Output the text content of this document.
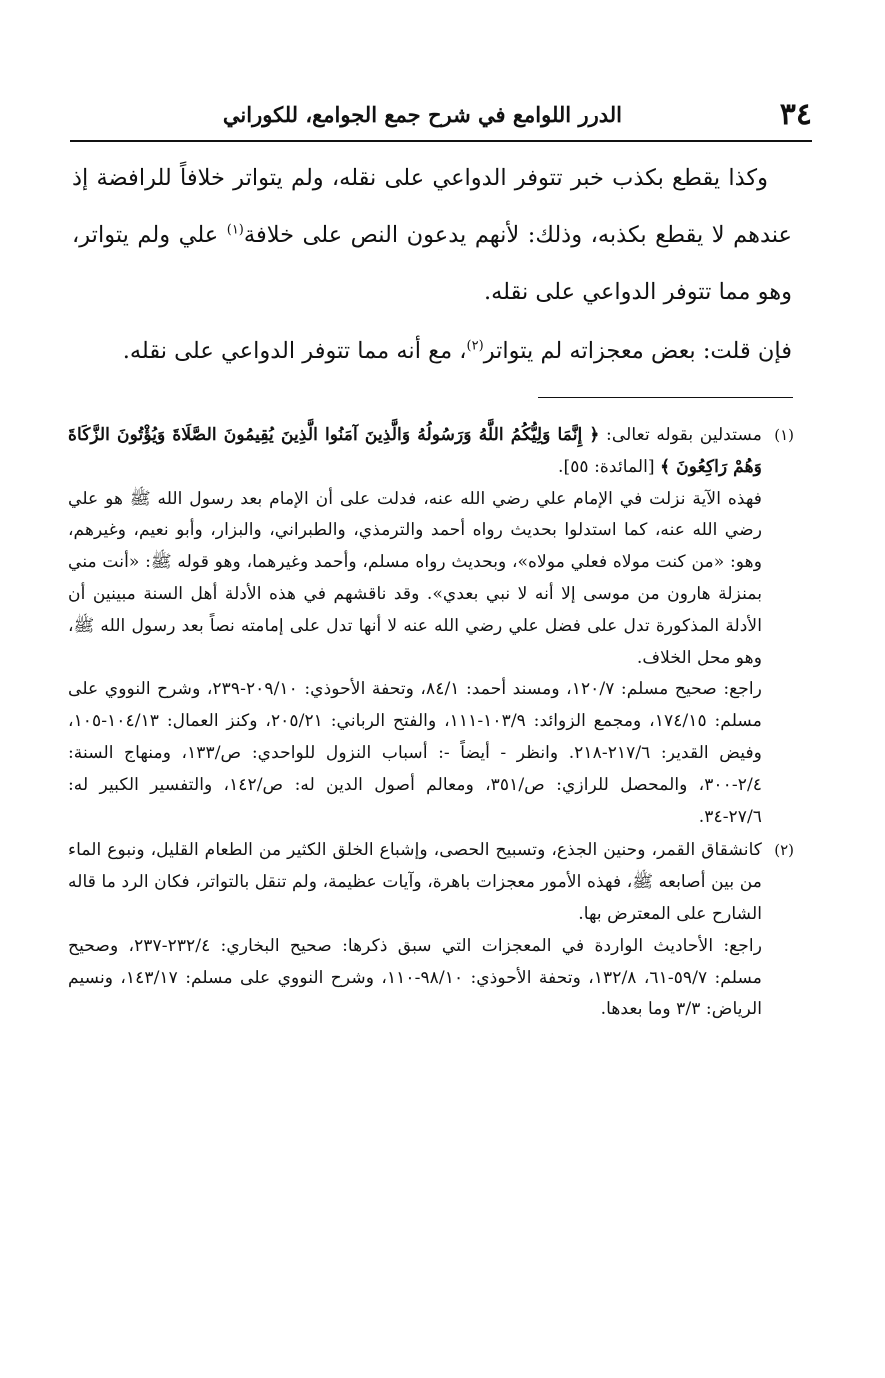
٣٤
الدرر اللوامع في شرح جمع الجوامع، للكوراني

وكذا يقطع بكذب خبر تتوفر الدواعي على نقله، ولم يتواتر خلافاً للرافضة إذ عندهم لا يقطع بكذبه، وذلك: لأنهم يدعون النص على خلافة$^{(١)}$ علي ولم يتواتر، وهو مما تتوفر الدواعي على نقله.

فإن قلت: بعض معجزاته لم يتواتر$^{(٢)}$، مع أنه مما تتوفر الدواعي على نقله.

(١)

مستدلين بقوله تعالى: ﴿ إِنَّمَا وَلِيُّكُمُ اللَّهُ وَرَسُولُهُ وَالَّذِينَ آمَنُوا الَّذِينَ يُقِيمُونَ الصَّلَاةَ وَيُؤْتُونَ الزَّكَاةَ وَهُمْ رَاكِعُونَ ﴾ [المائدة: ٥٥].

فهذه الآية نزلت في الإمام علي رضي الله عنه، فدلت على أن الإمام بعد رسول الله ﷺ هو علي رضي الله عنه، كما استدلوا بحديث رواه أحمد والترمذي، والطبراني، والبزار، وأبو نعيم، وغيرهم، وهو: «من كنت مولاه فعلي مولاه»، وبحديث رواه مسلم، وأحمد وغيرهما، وهو قوله ﷺ: «أنت مني بمنزلة هارون من موسى إلا أنه لا نبي بعدي». وقد ناقشهم في هذه الأدلة أهل السنة مبينين أن الأدلة المذكورة تدل على فضل علي رضي الله عنه لا أنها تدل على إمامته نصاً بعد رسول الله ﷺ، وهو محل الخلاف.

راجع: صحيح مسلم: ١٢٠/٧، ومسند أحمد: ٨٤/١، وتحفة الأحوذي: ٢٠٩/١٠-٢٣٩، وشرح النووي على مسلم: ١٧٤/١٥، ومجمع الزوائد: ١٠٣/٩-١١١، والفتح الرباني: ٢٠٥/٢١، وكنز العمال: ١٠٤/١٣-١٠٥، وفيض القدير: ٢١٧/٦-٢١٨. وانظر - أيضاً -: أسباب النزول للواحدي: ص/١٣٣، ومنهاج السنة: ٢/٤-٣٠٠، والمحصل للرازي: ص/٣٥١، ومعالم أصول الدين له: ص/١٤٢، والتفسير الكبير له: ٢٧/٦-٣٤.

(٢)

كانشقاق القمر، وحنين الجذع، وتسبيح الحصى، وإشباع الخلق الكثير من الطعام القليل، ونبوع الماء من بين أصابعه ﷺ، فهذه الأمور معجزات باهرة، وآيات عظيمة، ولم تنقل بالتواتر، فكان الرد ما قاله الشارح على المعترض بها.

راجع: الأحاديث الواردة في المعجزات التي سبق ذكرها: صحيح البخاري: ٢٣٢/٤-٢٣٧، وصحيح مسلم: ٥٩/٧-٦١، ١٣٢/٨، وتحفة الأحوذي: ٩٨/١٠-١١٠، وشرح النووي على مسلم: ١٤٣/١٧، ونسيم الرياض: ٣/٣ وما بعدها.
